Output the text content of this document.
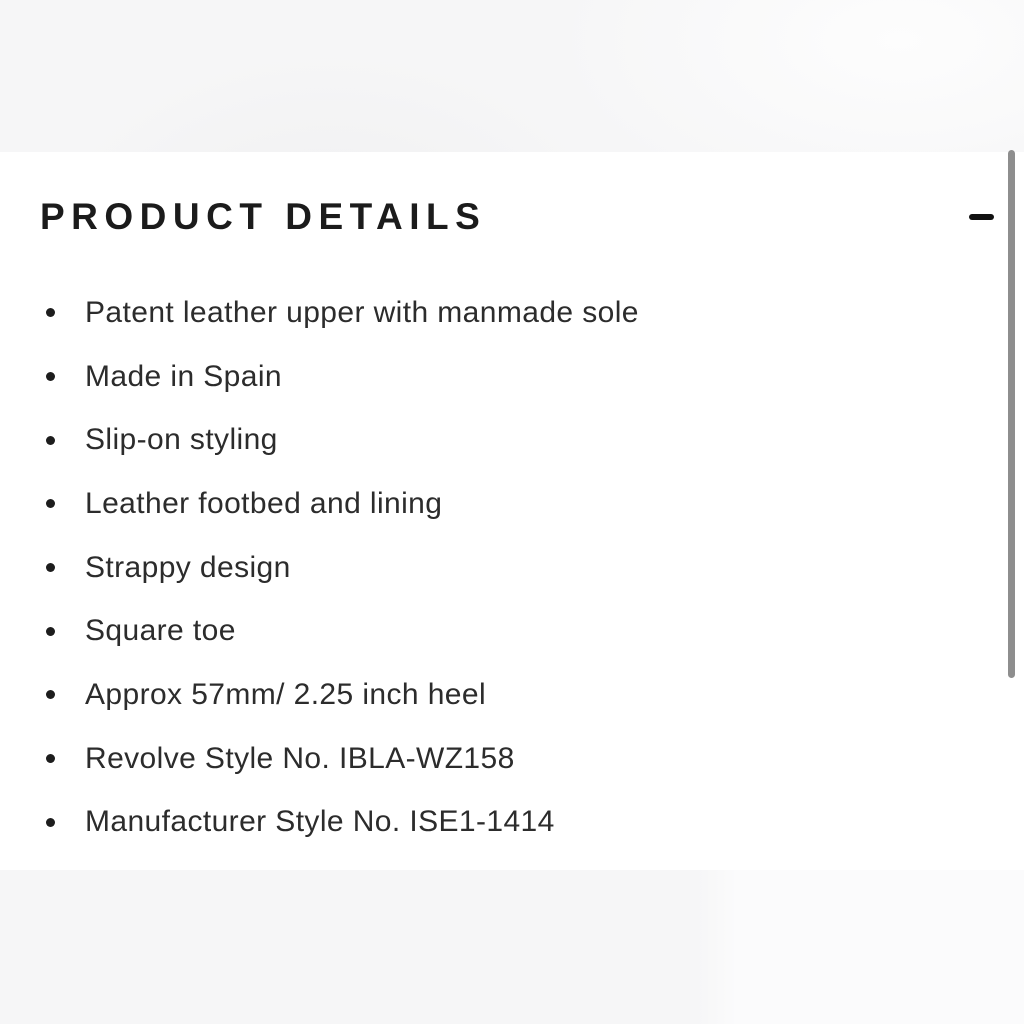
PRODUCT DETAILS
Patent leather upper with manmade sole
Made in Spain
Slip-on styling
Leather footbed and lining
Strappy design
Square toe
Approx 57mm/ 2.25 inch heel
Revolve Style No. IBLA-WZ158
Manufacturer Style No. ISE1-1414
